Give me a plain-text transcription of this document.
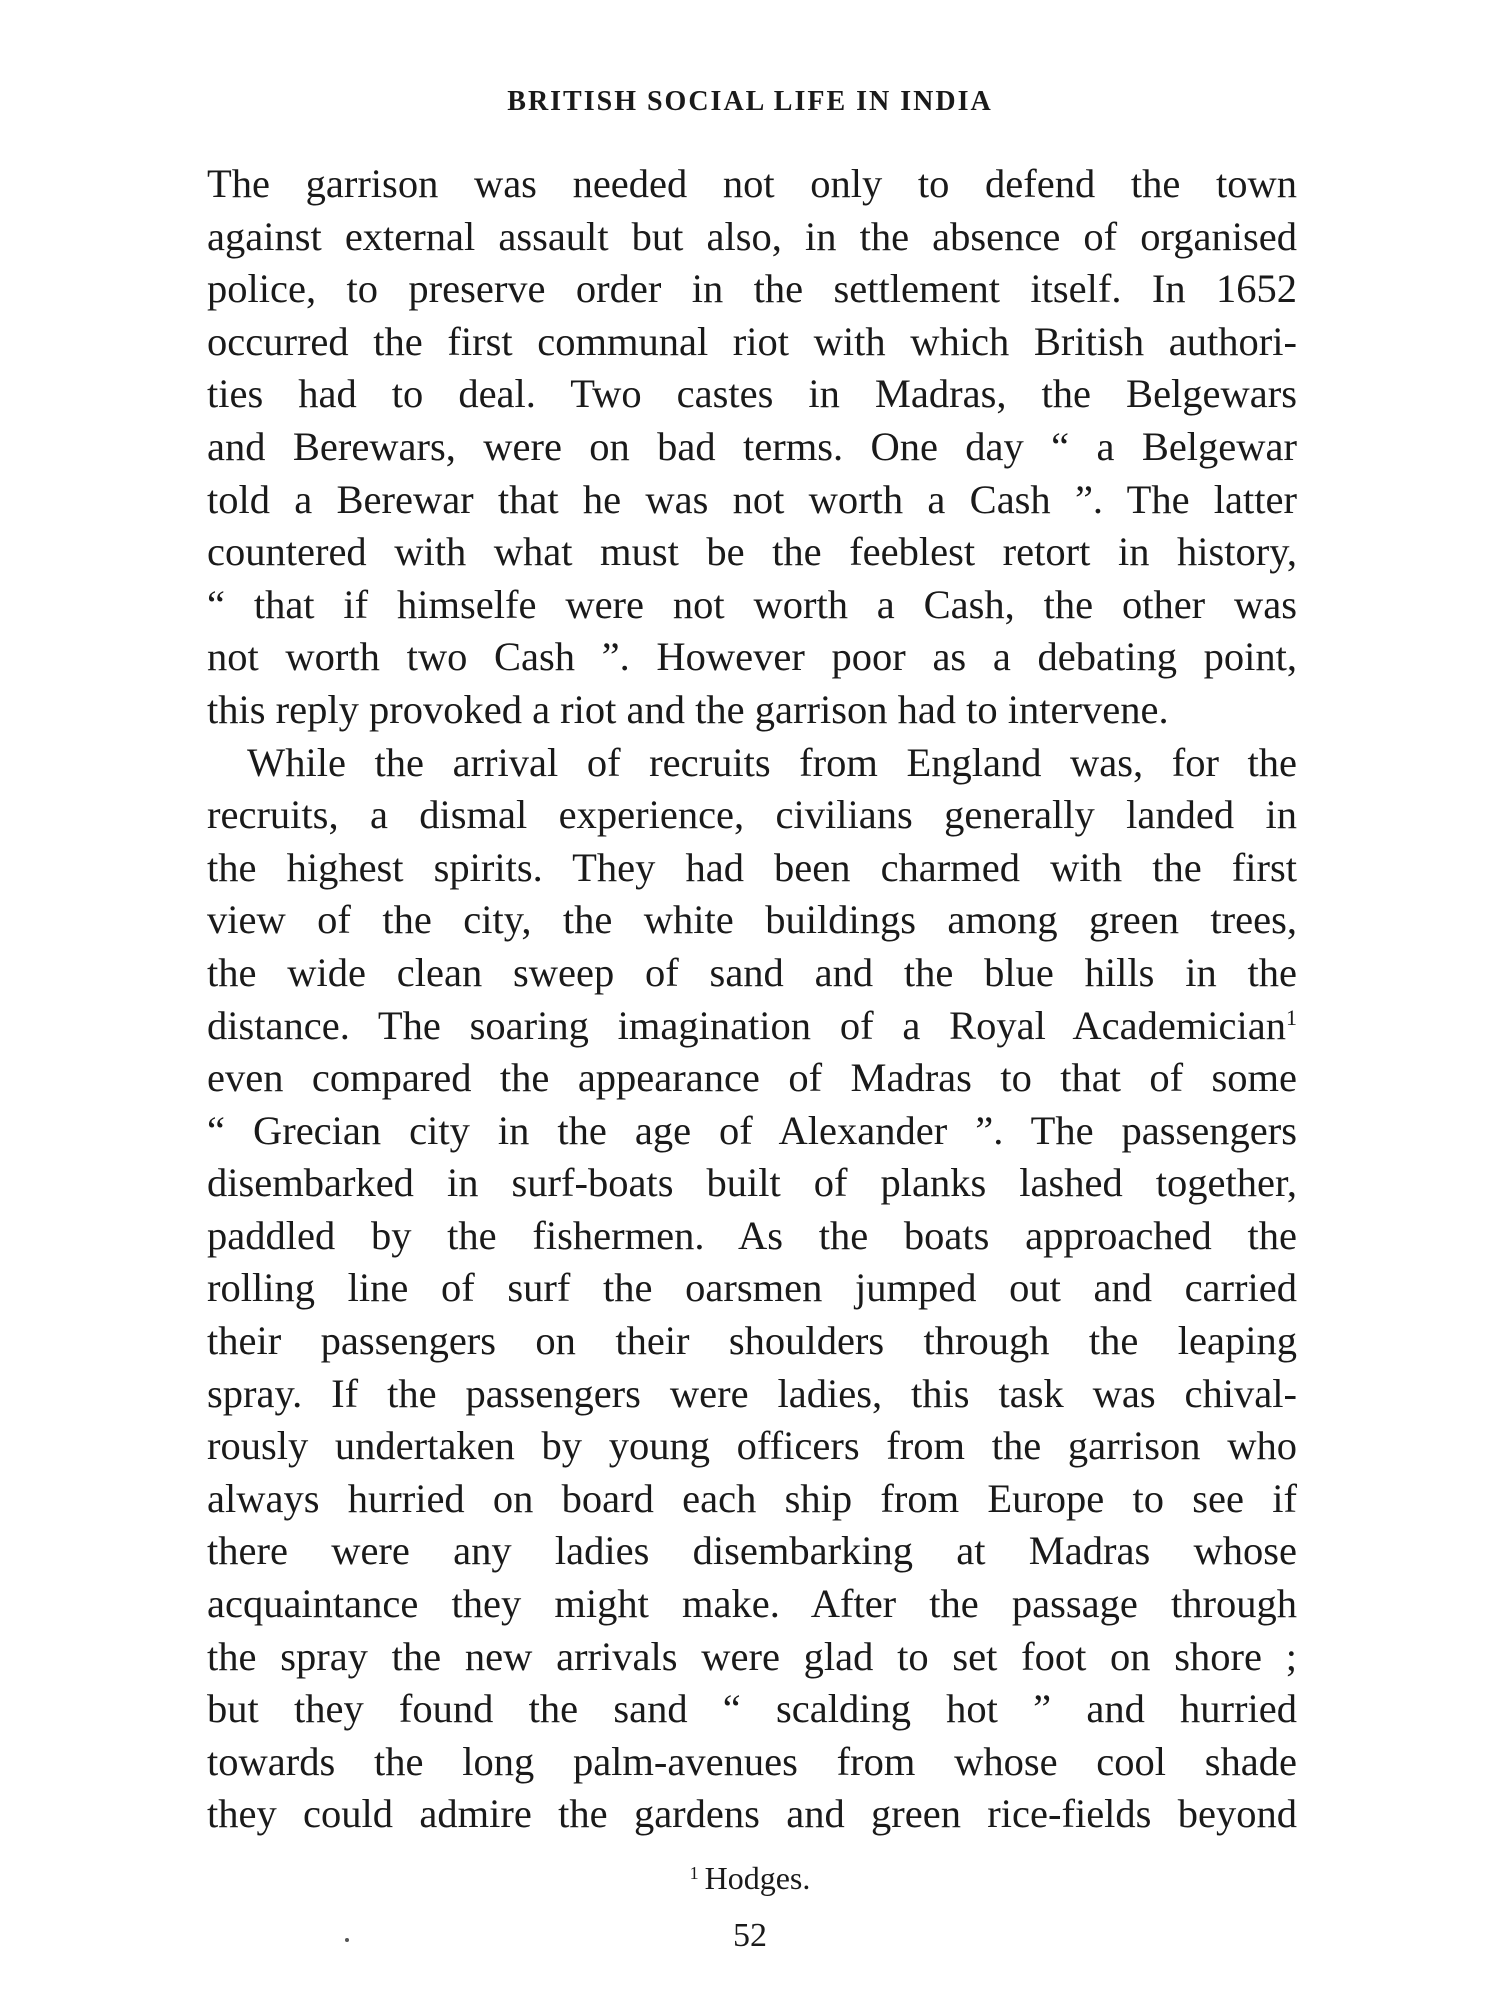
BRITISH SOCIAL LIFE IN INDIA
The garrison was needed not only to defend the town
against external assault but also, in the absence of organised
police, to preserve order in the settlement itself. In 1652
occurred the first communal riot with which British authori-
ties had to deal. Two castes in Madras, the Belgewars
and Berewars, were on bad terms. One day “ a Belgewar
told a Berewar that he was not worth a Cash ”. The latter
countered with what must be the feeblest retort in history,
“ that if himselfe were not worth a Cash, the other was
not worth two Cash ”. However poor as a debating point,
this reply provoked a riot and the garrison had to intervene.
While the arrival of recruits from England was, for the
recruits, a dismal experience, civilians generally landed in
the highest spirits. They had been charmed with the first
view of the city, the white buildings among green trees,
the wide clean sweep of sand and the blue hills in the
distance. The soaring imagination of a Royal Academician$^1$
even compared the appearance of Madras to that of some
“ Grecian city in the age of Alexander ”. The passengers
disembarked in surf-boats built of planks lashed together,
paddled by the fishermen. As the boats approached the
rolling line of surf the oarsmen jumped out and carried
their passengers on their shoulders through the leaping
spray. If the passengers were ladies, this task was chival-
rously undertaken by young officers from the garrison who
always hurried on board each ship from Europe to see if
there were any ladies disembarking at Madras whose
acquaintance they might make. After the passage through
the spray the new arrivals were glad to set foot on shore ;
but they found the sand “ scalding hot ” and hurried
towards the long palm-avenues from whose cool shade
they could admire the gardens and green rice-fields beyond
$^1$ Hodges.
52
